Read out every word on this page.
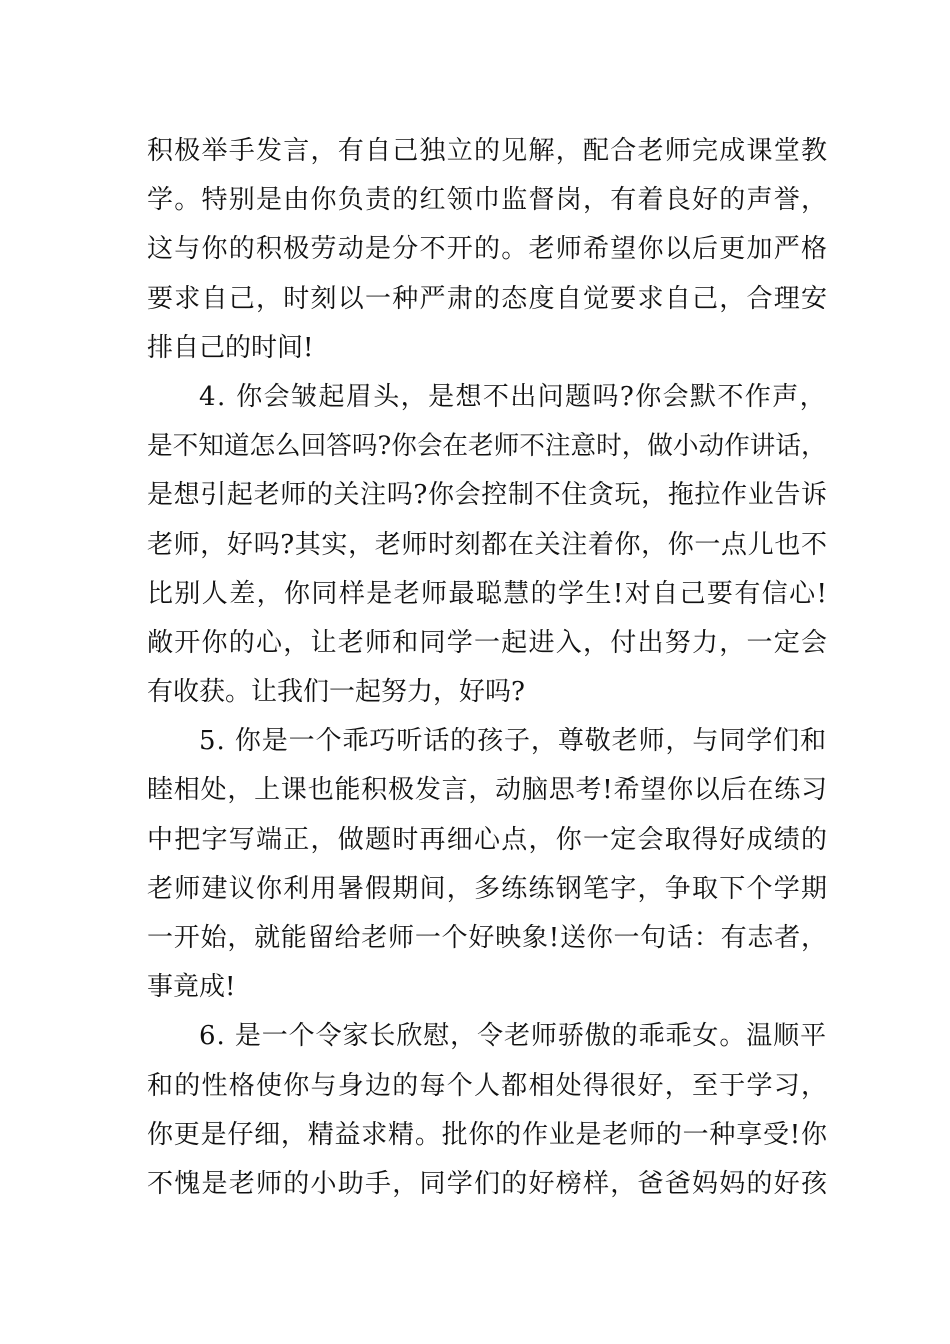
积极举手发言，有自己独立的见解，配合老师完成课堂教
学。特别是由你负责的红领巾监督岗，有着良好的声誉，
这与你的积极劳动是分不开的。老师希望你以后更加严格
要求自己，时刻以一种严肃的态度自觉要求自己，合理安
排自己的时间!
4. 你会皱起眉头，是想不出问题吗?你会默不作声，
是不知道怎么回答吗?你会在老师不注意时，做小动作讲话，
是想引起老师的关注吗?你会控制不住贪玩，拖拉作业告诉
老师，好吗?其实，老师时刻都在关注着你，你一点儿也不
比别人差，你同样是老师最聪慧的学生!对自己要有信心!
敞开你的心，让老师和同学一起进入，付出努力，一定会
有收获。让我们一起努力，好吗?
5. 你是一个乖巧听话的孩子，尊敬老师，与同学们和
睦相处，上课也能积极发言，动脑思考!希望你以后在练习
中把字写端正，做题时再细心点，你一定会取得好成绩的
老师建议你利用暑假期间，多练练钢笔字，争取下个学期
一开始，就能留给老师一个好映象!送你一句话：有志者，
事竟成!
6. 是一个令家长欣慰，令老师骄傲的乖乖女。温顺平
和的性格使你与身边的每个人都相处得很好，至于学习，
你更是仔细，精益求精。批你的作业是老师的一种享受!你
不愧是老师的小助手，同学们的好榜样，爸爸妈妈的好孩
